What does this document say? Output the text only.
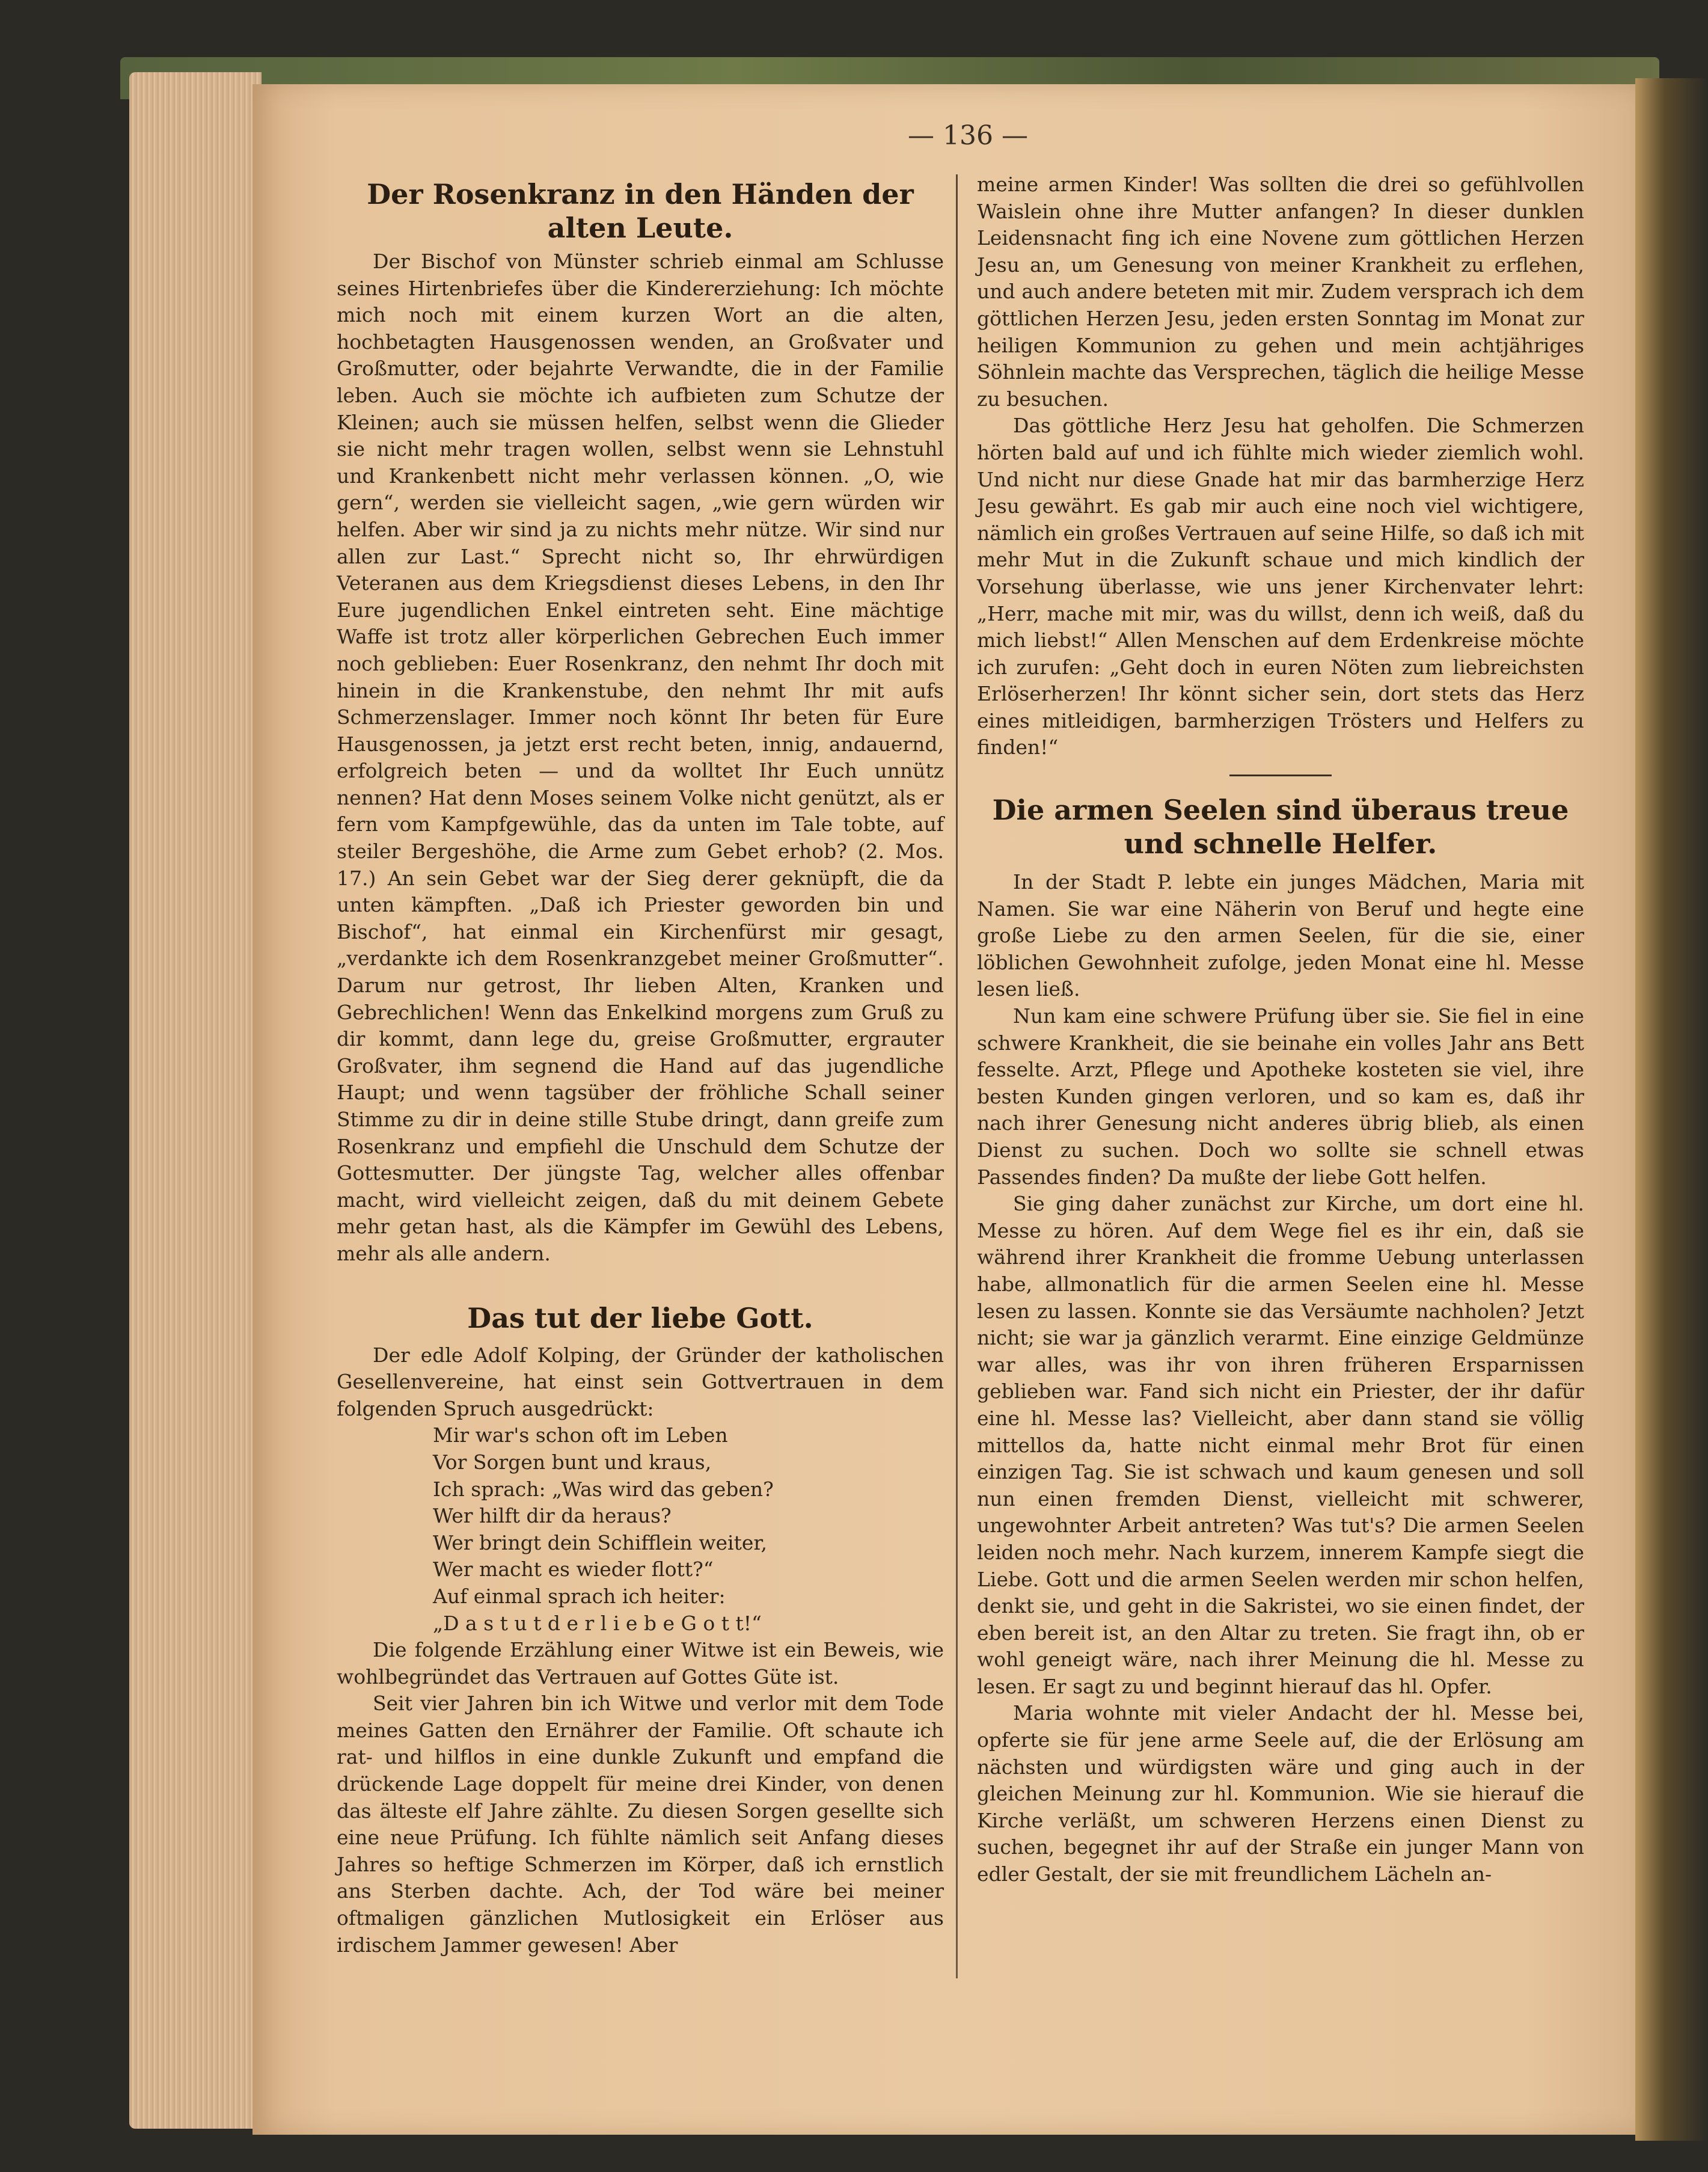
— 136 —
Der Rosenkranz in den Händen der alten Leute.

Der Bischof von Münster schrieb einmal am Schlusse seines Hirtenbriefes über die Kindererziehung: Ich möchte mich noch mit einem kurzen Wort an die alten, hochbetagten Hausgenossen wenden, an Großvater und Großmutter, oder bejahrte Verwandte, die in der Familie leben. Auch sie möchte ich aufbieten zum Schutze der Kleinen; auch sie müssen helfen, selbst wenn die Glieder sie nicht mehr tragen wollen, selbst wenn sie Lehnstuhl und Krankenbett nicht mehr verlassen können. „O, wie gern“, werden sie vielleicht sagen, „wie gern würden wir helfen. Aber wir sind ja zu nichts mehr nütze. Wir sind nur allen zur Last.“ Sprecht nicht so, Ihr ehrwürdigen Veteranen aus dem Kriegsdienst dieses Lebens, in den Ihr Eure jugendlichen Enkel eintreten seht. Eine mächtige Waffe ist trotz aller körperlichen Gebrechen Euch immer noch geblieben: Euer Rosenkranz, den nehmt Ihr doch mit hinein in die Krankenstube, den nehmt Ihr mit aufs Schmerzenslager. Immer noch könnt Ihr beten für Eure Hausgenossen, ja jetzt erst recht beten, innig, andauernd, erfolgreich beten — und da wolltet Ihr Euch unnütz nennen? Hat denn Moses seinem Volke nicht genützt, als er fern vom Kampfgewühle, das da unten im Tale tobte, auf steiler Bergeshöhe, die Arme zum Gebet erhob? (2. Mos. 17.) An sein Gebet war der Sieg derer geknüpft, die da unten kämpften. „Daß ich Priester geworden bin und Bischof“, hat einmal ein Kirchenfürst mir gesagt, „verdankte ich dem Rosenkranzgebet meiner Großmutter“. Darum nur getrost, Ihr lieben Alten, Kranken und Gebrechlichen! Wenn das Enkelkind morgens zum Gruß zu dir kommt, dann lege du, greise Großmutter, ergrauter Großvater, ihm segnend die Hand auf das jugendliche Haupt; und wenn tagsüber der fröhliche Schall seiner Stimme zu dir in deine stille Stube dringt, dann greife zum Rosenkranz und empfiehl die Unschuld dem Schutze der Gottesmutter. Der jüngste Tag, welcher alles offenbar macht, wird vielleicht zeigen, daß du mit deinem Gebete mehr getan hast, als die Kämpfer im Gewühl des Lebens, mehr als alle andern.

Das tut der liebe Gott.

Der edle Adolf Kolping, der Gründer der katholischen Gesellenvereine, hat einst sein Gottvertrauen in dem folgenden Spruch ausgedrückt:

Mir war's schon oft im Leben
Vor Sorgen bunt und kraus,
Ich sprach: „Was wird das geben?
Wer hilft dir da heraus?
Wer bringt dein Schifflein weiter,
Wer macht es wieder flott?“
Auf einmal sprach ich heiter:
„D a s t u t d e r l i e b e G o t t!“

Die folgende Erzählung einer Witwe ist ein Beweis, wie wohlbegründet das Vertrauen auf Gottes Güte ist.

Seit vier Jahren bin ich Witwe und verlor mit dem Tode meines Gatten den Ernährer der Familie. Oft schaute ich rat- und hilflos in eine dunkle Zukunft und empfand die drückende Lage doppelt für meine drei Kinder, von denen das älteste elf Jahre zählte. Zu diesen Sorgen gesellte sich eine neue Prüfung. Ich fühlte nämlich seit Anfang dieses Jahres so heftige Schmerzen im Körper, daß ich ernstlich ans Sterben dachte. Ach, der Tod wäre bei meiner oftmaligen gänzlichen Mutlosigkeit ein Erlöser aus irdischem Jammer gewesen! Aber

meine armen Kinder! Was sollten die drei so gefühlvollen Waislein ohne ihre Mutter anfangen? In dieser dunklen Leidensnacht fing ich eine Novene zum göttlichen Herzen Jesu an, um Genesung von meiner Krankheit zu erflehen, und auch andere beteten mit mir. Zudem versprach ich dem göttlichen Herzen Jesu, jeden ersten Sonntag im Monat zur heiligen Kommunion zu gehen und mein achtjähriges Söhnlein machte das Versprechen, täglich die heilige Messe zu besuchen.

Das göttliche Herz Jesu hat geholfen. Die Schmerzen hörten bald auf und ich fühlte mich wieder ziemlich wohl. Und nicht nur diese Gnade hat mir das barmherzige Herz Jesu gewährt. Es gab mir auch eine noch viel wichtigere, nämlich ein großes Vertrauen auf seine Hilfe, so daß ich mit mehr Mut in die Zukunft schaue und mich kindlich der Vorsehung überlasse, wie uns jener Kirchenvater lehrt: „Herr, mache mit mir, was du willst, denn ich weiß, daß du mich liebst!“ Allen Menschen auf dem Erdenkreise möchte ich zurufen: „Geht doch in euren Nöten zum liebreichsten Erlöserherzen! Ihr könnt sicher sein, dort stets das Herz eines mitleidigen, barmherzigen Trösters und Helfers zu finden!“

Die armen Seelen sind überaus treue und schnelle Helfer.

In der Stadt P. lebte ein junges Mädchen, Maria mit Namen. Sie war eine Näherin von Beruf und hegte eine große Liebe zu den armen Seelen, für die sie, einer löblichen Gewohnheit zufolge, jeden Monat eine hl. Messe lesen ließ.

Nun kam eine schwere Prüfung über sie. Sie fiel in eine schwere Krankheit, die sie beinahe ein volles Jahr ans Bett fesselte. Arzt, Pflege und Apotheke kosteten sie viel, ihre besten Kunden gingen verloren, und so kam es, daß ihr nach ihrer Genesung nicht anderes übrig blieb, als einen Dienst zu suchen. Doch wo sollte sie schnell etwas Passendes finden? Da mußte der liebe Gott helfen.

Sie ging daher zunächst zur Kirche, um dort eine hl. Messe zu hören. Auf dem Wege fiel es ihr ein, daß sie während ihrer Krankheit die fromme Uebung unterlassen habe, allmonatlich für die armen Seelen eine hl. Messe lesen zu lassen. Konnte sie das Versäumte nachholen? Jetzt nicht; sie war ja gänzlich verarmt. Eine einzige Geldmünze war alles, was ihr von ihren früheren Ersparnissen geblieben war. Fand sich nicht ein Priester, der ihr dafür eine hl. Messe las? Vielleicht, aber dann stand sie völlig mittellos da, hatte nicht einmal mehr Brot für einen einzigen Tag. Sie ist schwach und kaum genesen und soll nun einen fremden Dienst, vielleicht mit schwerer, ungewohnter Arbeit antreten? Was tut's? Die armen Seelen leiden noch mehr. Nach kurzem, innerem Kampfe siegt die Liebe. Gott und die armen Seelen werden mir schon helfen, denkt sie, und geht in die Sakristei, wo sie einen findet, der eben bereit ist, an den Altar zu treten. Sie fragt ihn, ob er wohl geneigt wäre, nach ihrer Meinung die hl. Messe zu lesen. Er sagt zu und beginnt hierauf das hl. Opfer.

Maria wohnte mit vieler Andacht der hl. Messe bei, opferte sie für jene arme Seele auf, die der Erlösung am nächsten und würdigsten wäre und ging auch in der gleichen Meinung zur hl. Kommunion. Wie sie hierauf die Kirche verläßt, um schweren Herzens einen Dienst zu suchen, begegnet ihr auf der Straße ein junger Mann von edler Gestalt, der sie mit freundlichem Lächeln an-
